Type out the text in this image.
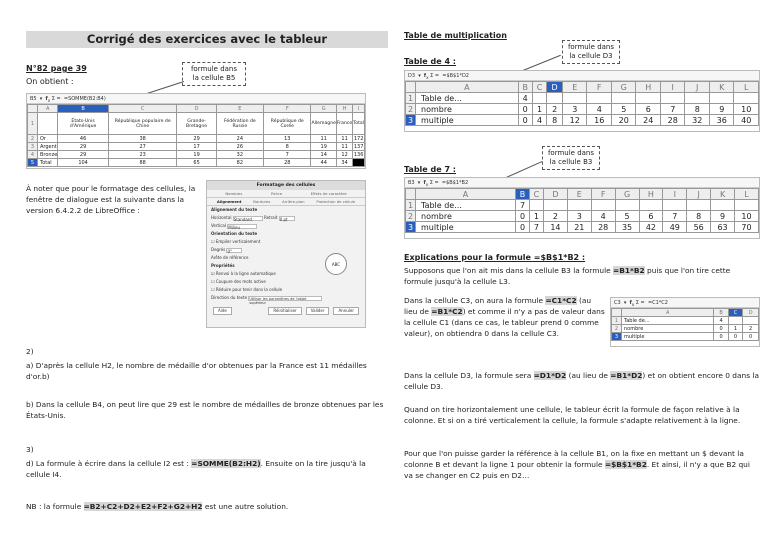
Corrigé des exercices avec le tableur
N°82 page 39
On obtient :
formule dans
la cellule B5
B5  ▾  $f_x$ Σ =  =SOMME(B2:B4)
	A	B	C	D	E	F	G	H	I
1		États-Unis d'Amérique	République populaire de Chine	Grande-Bretagne	Fédération de Russie	République de Corée	Allemagne	France	Total
2	Or	46	38	29	24	13	11	11	172
3	Argent	29	27	17	26	8	19	11	137
4	Bronze	29	23	19	32	7	14	12	136
5	Total	104	88	65	82	28	44	34	
À noter que pour le formatage des cellules, la fenêtre de dialogue est la suivante dans la version 6.4.2.2 de LibreOffice :
Formatage des cellules
Nombres	Police	Effets de caractère
Alignement	Bordures	Arrière-plan	Protection de cellule
Alignement du texte
Horizontal Standard	Retrait 0 pt
Vertical Milieu
Orientation du texte
☐ Empiler verticalement
Degrés 0°
Arête de référence
ABC
Propriétés
☑ Renvoi à la ligne automatique
☐ Coupure des mots active
☐ Réduire pour tenir dans la cellule
Direction du texte Utiliser les paramètres de l'objet supérieur
Aide	Réinitialiser	Valider	Annuler
2)
a) D'après la cellule H2, le nombre de médaille d'or obtenues par la France est 11 médailles d'or.b)
b) Dans la cellule B4, on peut lire que 29 est le nombre de médailles de bronze obtenues par les États-Unis.
3)
d) La formule à écrire dans la cellule I2 est : =SOMME(B2:H2). Ensuite on la tire jusqu'à la cellule I4.
NB : la formule =B2+C2+D2+E2+F2+G2+H2 est une autre solution.
Table de multiplication
formule dans
la cellule D3
Table de 4 :
D3  ▾  $f_x$ Σ =  =$B$1*D2
	A	B	C	D	E	F	G	H	I	J	K	L
1	Table de...	4										
2	nombre	0	1	2	3	4	5	6	7	8	9	10
3	multiple	0	4	8	12	16	20	24	28	32	36	40
Table de 7 :
formule dans
la cellule B3
B3  ▾  $f_x$ Σ =  =$B$1*B2
	A	B	C	D	E	F	G	H	I	J	K	L
1	Table de...	7										
2	nombre	0	1	2	3	4	5	6	7	8	9	10
3	multiple	0	7	14	21	28	35	42	49	56	63	70
Explications pour la formule =$B$1*B2 :
Supposons que l'on ait mis dans la cellule B3 la formule =B1*B2 puis que l'on tire cette formule jusqu'à la cellule L3.
Dans la cellule C3, on aura la formule =C1*C2 (au lieu de =B1*C2) et comme il n'y a pas de valeur dans la cellule C1 (dans ce cas, le tableur prend 0 comme valeur), on obtiendra 0 dans la cellule C3.
C3  ▾  $f_x$ Σ =  =C1*C2
	A	B	C	D
1	Table de...	4		
2	nombre	0	1	2
3	multiple	0	0	0
Dans la cellule D3, la formule sera =D1*D2 (au lieu de =B1*D2) et on obtient encore 0 dans la cellule D3.
Quand on tire horizontalement une cellule, le tableur écrit la formule de façon relative à la colonne. Et si on a tiré verticalement la cellule, la formule s'adapte relativement à la ligne.
Pour que l'on puisse garder la référence à la cellule B1, on la fixe en mettant un $ devant la colonne B et devant la ligne 1 pour obtenir la formule =$B$1*B2. Et ainsi, il n'y a que B2 qui va se changer en C2 puis en D2…
